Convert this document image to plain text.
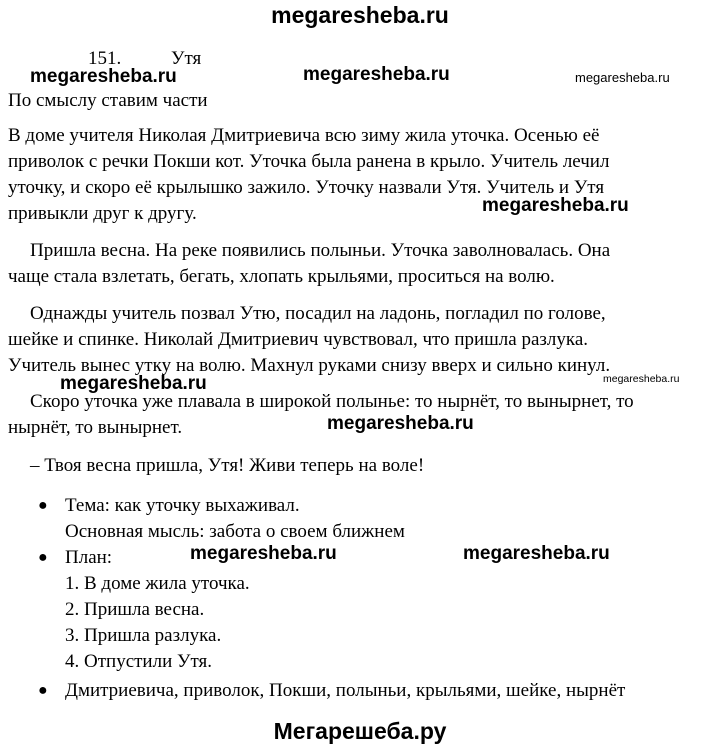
megaresheba.ru
151.	Утя
megaresheba.ru	megaresheba.ru	megaresheba.ru
По смыслу ставим части
В доме учителя Николая Дмитриевича всю зиму жила уточка. Осенью её
приволок с речки Покши кот. Уточка была ранена в крыло. Учитель лечил
уточку, и скоро её крылышко зажило. Уточку назвали Утя. Учитель и Утя
привыкли друг к другу.	megaresheba.ru
Пришла весна. На реке появились полыньи. Уточка заволновалась. Она
чаще стала взлетать, бегать, хлопать крыльями, проситься на волю.
Однажды учитель позвал Утю, посадил на ладонь, погладил по голове,
шейке и спинке. Николай Дмитриевич чувствовал, что пришла разлука.
Учитель вынес утку на волю. Махнул руками снизу вверх и сильно кинул.
megaresheba.ru	megaresheba.ru
Скоро уточка уже плавала в широкой полынье: то нырнёт, то вынырнет, то
нырнёт, то вынырнет.	megaresheba.ru
– Твоя весна пришла, Утя! Живи теперь на воле!
● Тема: как уточку выхаживал.
Основная мысль: забота о своем ближнем
● План:	megaresheba.ru	megaresheba.ru
1. В доме жила уточка.
2. Пришла весна.
3. Пришла разлука.
4. Отпустили Утя.
● Дмитриевича, приволок, Покши, полыньи, крыльями, шейке, нырнёт
Мегарешеба.ру
